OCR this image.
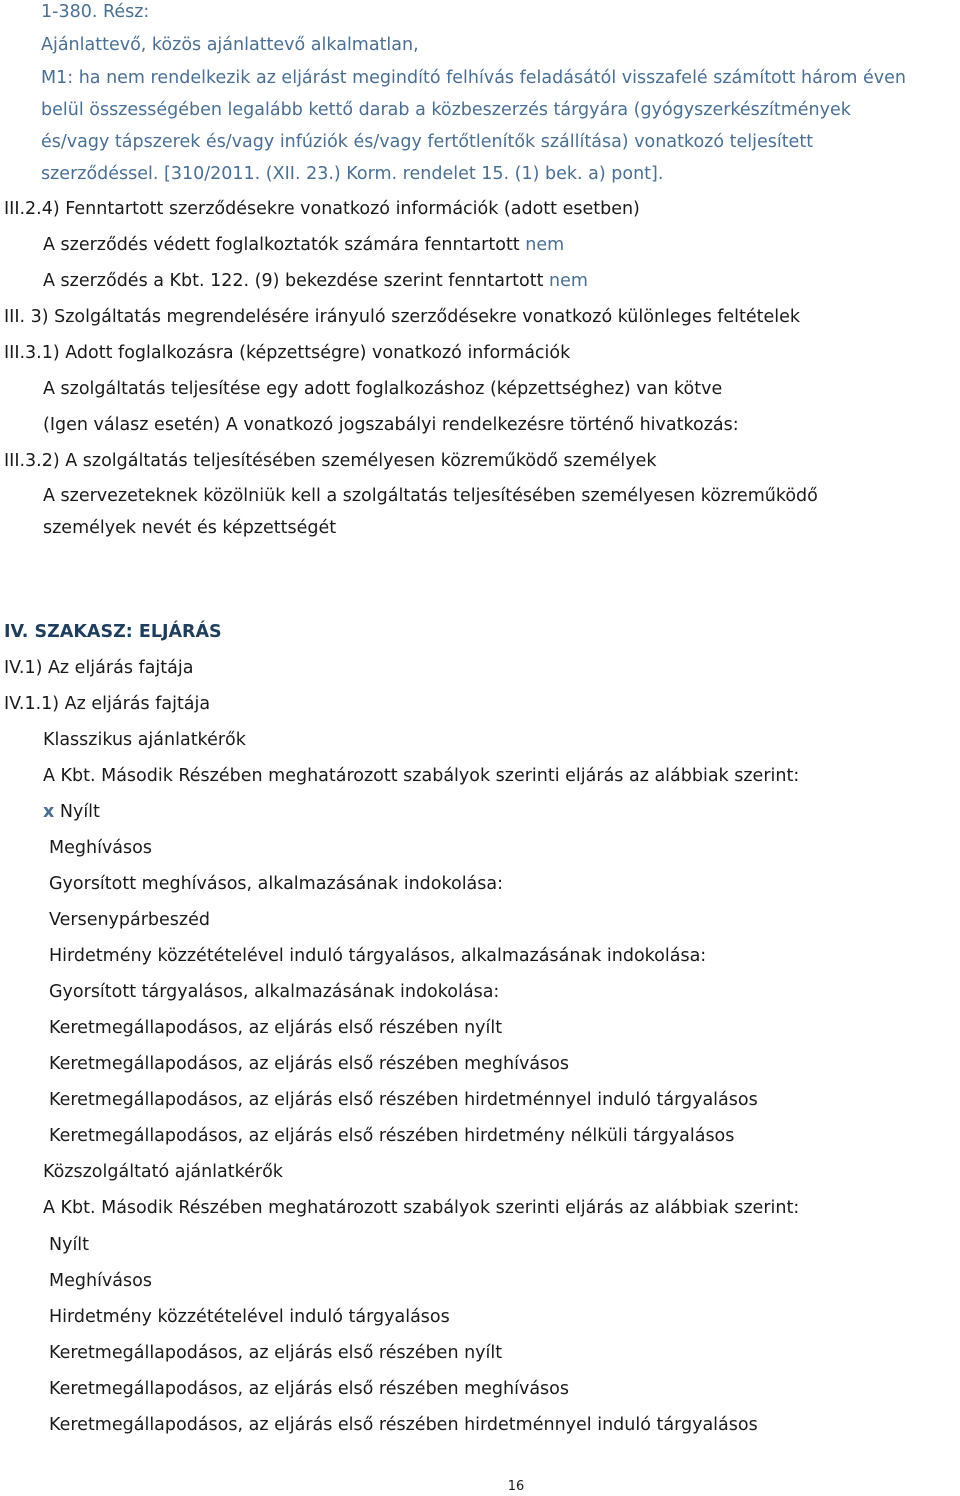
1-380. Rész:
Ajánlattevő, közös ajánlattevő alkalmatlan,
M1: ha nem rendelkezik az eljárást megindító felhívás feladásától visszafelé számított három éven
belül összességében legalább kettő darab a közbeszerzés tárgyára (gyógyszerkészítmények
és/vagy tápszerek és/vagy infúziók és/vagy fertőtlenítők szállítása) vonatkozó teljesített
szerződéssel. [310/2011. (XII. 23.) Korm. rendelet 15. (1) bek. a) pont].
III.2.4) Fenntartott szerződésekre vonatkozó információk (adott esetben)
A szerződés védett foglalkoztatók számára fenntartott nem
A szerződés a Kbt. 122. (9) bekezdése szerint fenntartott nem
III. 3) Szolgáltatás megrendelésére irányuló szerződésekre vonatkozó különleges feltételek
III.3.1) Adott foglalkozásra (képzettségre) vonatkozó információk
A szolgáltatás teljesítése egy adott foglalkozáshoz (képzettséghez) van kötve
(Igen válasz esetén) A vonatkozó jogszabályi rendelkezésre történő hivatkozás:
III.3.2) A szolgáltatás teljesítésében személyesen közreműködő személyek
A szervezeteknek közölniük kell a szolgáltatás teljesítésében személyesen közreműködő
személyek nevét és képzettségét
IV. SZAKASZ: ELJÁRÁS
IV.1) Az eljárás fajtája
IV.1.1) Az eljárás fajtája
Klasszikus ajánlatkérők
A Kbt. Második Részében meghatározott szabályok szerinti eljárás az alábbiak szerint:
x Nyílt
Meghívásos
Gyorsított meghívásos, alkalmazásának indokolása:
Versenypárbeszéd
Hirdetmény közzétételével induló tárgyalásos, alkalmazásának indokolása:
Gyorsított tárgyalásos, alkalmazásának indokolása:
Keretmegállapodásos, az eljárás első részében nyílt
Keretmegállapodásos, az eljárás első részében meghívásos
Keretmegállapodásos, az eljárás első részében hirdetménnyel induló tárgyalásos
Keretmegállapodásos, az eljárás első részében hirdetmény nélküli tárgyalásos
Közszolgáltató ajánlatkérők
A Kbt. Második Részében meghatározott szabályok szerinti eljárás az alábbiak szerint:
Nyílt
Meghívásos
Hirdetmény közzétételével induló tárgyalásos
Keretmegállapodásos, az eljárás első részében nyílt
Keretmegállapodásos, az eljárás első részében meghívásos
Keretmegállapodásos, az eljárás első részében hirdetménnyel induló tárgyalásos
16
